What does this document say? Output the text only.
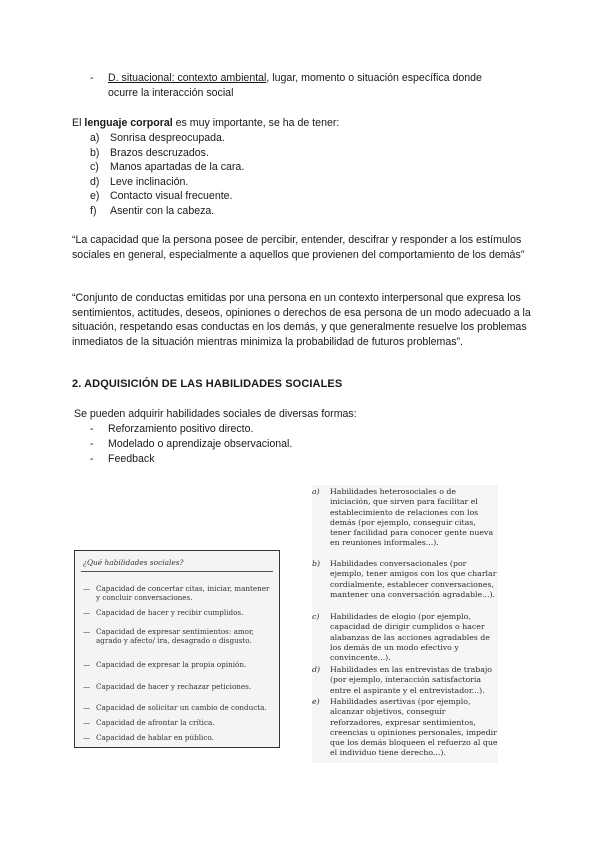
- D. situacional: contexto ambiental, lugar, momento o situación específica donde
ocurre la interacción social
El lenguaje corporal es muy importante, se ha de tener:
a) Sonrisa despreocupada.
b) Brazos descruzados.
c) Manos apartadas de la cara.
d) Leve inclinación.
e) Contacto visual frecuente.
f) Asentir con la cabeza.

“La capacidad que la persona posee de percibir, entender, descifrar y responder a los estímulos sociales en general, especialmente a aquellos que provienen del comportamiento de los demás”

“Conjunto de conductas emitidas por una persona en un contexto interpersonal que expresa los sentimientos, actitudes, deseos, opiniones o derechos de esa persona de un modo adecuado a la situación, respetando esas conductas en los demás, y que generalmente resuelve los problemas inmediatos de la situación mientras minimiza la probabilidad de futuros problemas”.

2. ADQUISICIÓN DE LAS HABILIDADES SOCIALES
Se pueden adquirir habilidades sociales de diversas formas:
- Reforzamiento positivo directo.
- Modelado o aprendizaje observacional.
- Feedback
¿Qué habilidades sociales?
— Capacidad de concertar citas, iniciar, mantener y concluir conversaciones.
— Capacidad de hacer y recibir cumplidos.
— Capacidad de expresar sentimientos: amor, agrado y afecto/ ira, desagrado o disgusto.
— Capacidad de expresar la propia opinión.
— Capacidad de hacer y rechazar peticiones.
— Capacidad de solicitar un cambio de conducta.
— Capacidad de afrontar la crítica.
— Capacidad de hablar en público.
a) Habilidades heterosociales o de iniciación, que sirven para facilitar el establecimiento de relaciones con los demás (por ejemplo, conseguir citas, tener facilidad para conocer gente nueva en reuniones informales...).
b) Habilidades conversacionales (por ejemplo, tener amigos con los que charlar cordialmente, establecer conversaciones, mantener una conversación agradable...).
c) Habilidades de elogio (por ejemplo, capacidad de dirigir cumplidos o hacer alabanzas de las acciones agradables de los demás de un modo efectivo y convincente...).
d) Habilidades en las entrevistas de trabajo (por ejemplo, interacción satisfactoria entre el aspirante y el entrevistador...).
e) Habilidades asertivas (por ejemplo, alcanzar objetivos, conseguir reforzadores, expresar sentimientos, creencias u opiniones personales, impedir que los demás bloqueen el refuerzo al que el individuo tiene derecho...).
